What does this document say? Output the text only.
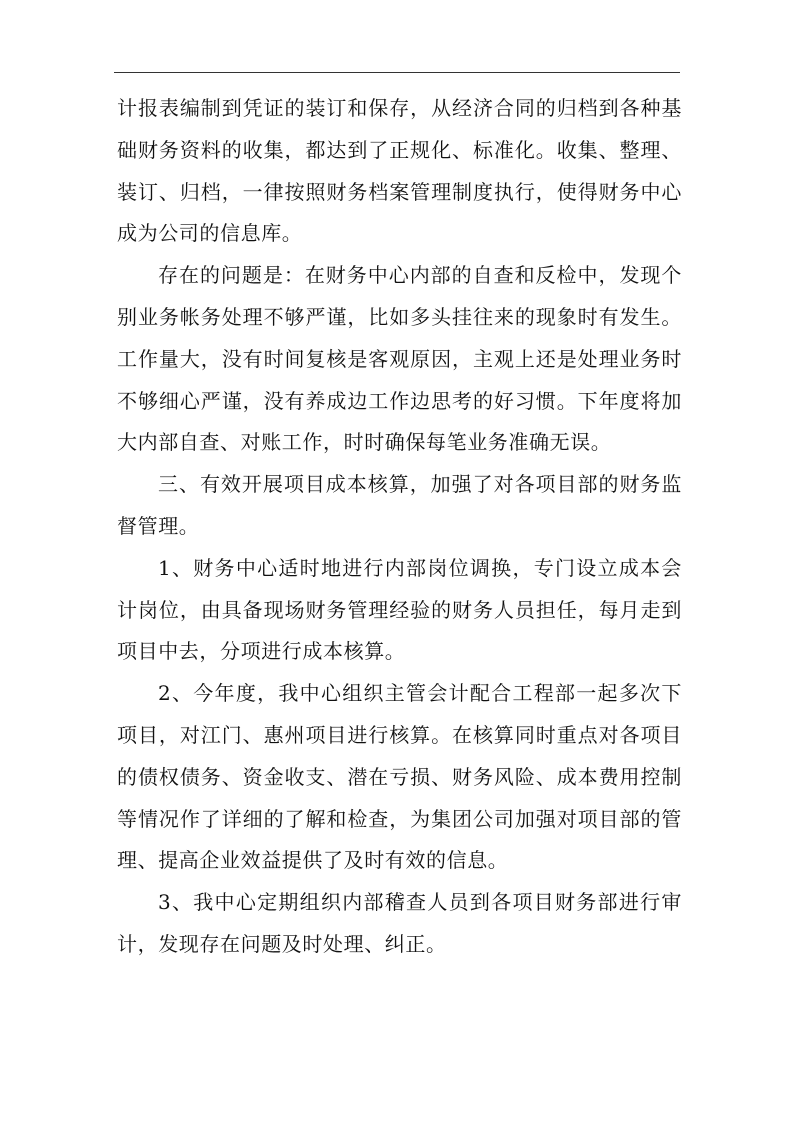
计报表编制到凭证的装订和保存，从经济合同的归档到各种基础财务资料的收集，都达到了正规化、标准化。收集、整理、装订、归档，一律按照财务档案管理制度执行，使得财务中心成为公司的信息库。

存在的问题是：在财务中心内部的自查和反检中，发现个别业务帐务处理不够严谨，比如多头挂往来的现象时有发生。工作量大，没有时间复核是客观原因，主观上还是处理业务时不够细心严谨，没有养成边工作边思考的好习惯。下年度将加大内部自查、对账工作，时时确保每笔业务准确无误。

三、有效开展项目成本核算，加强了对各项目部的财务监督管理。

1、财务中心适时地进行内部岗位调换，专门设立成本会计岗位，由具备现场财务管理经验的财务人员担任，每月走到项目中去，分项进行成本核算。

2、今年度，我中心组织主管会计配合工程部一起多次下项目，对江门、惠州项目进行核算。在核算同时重点对各项目的债权债务、资金收支、潜在亏损、财务风险、成本费用控制等情况作了详细的了解和检查，为集团公司加强对项目部的管理、提高企业效益提供了及时有效的信息。

3、我中心定期组织内部稽查人员到各项目财务部进行审计，发现存在问题及时处理、纠正。
